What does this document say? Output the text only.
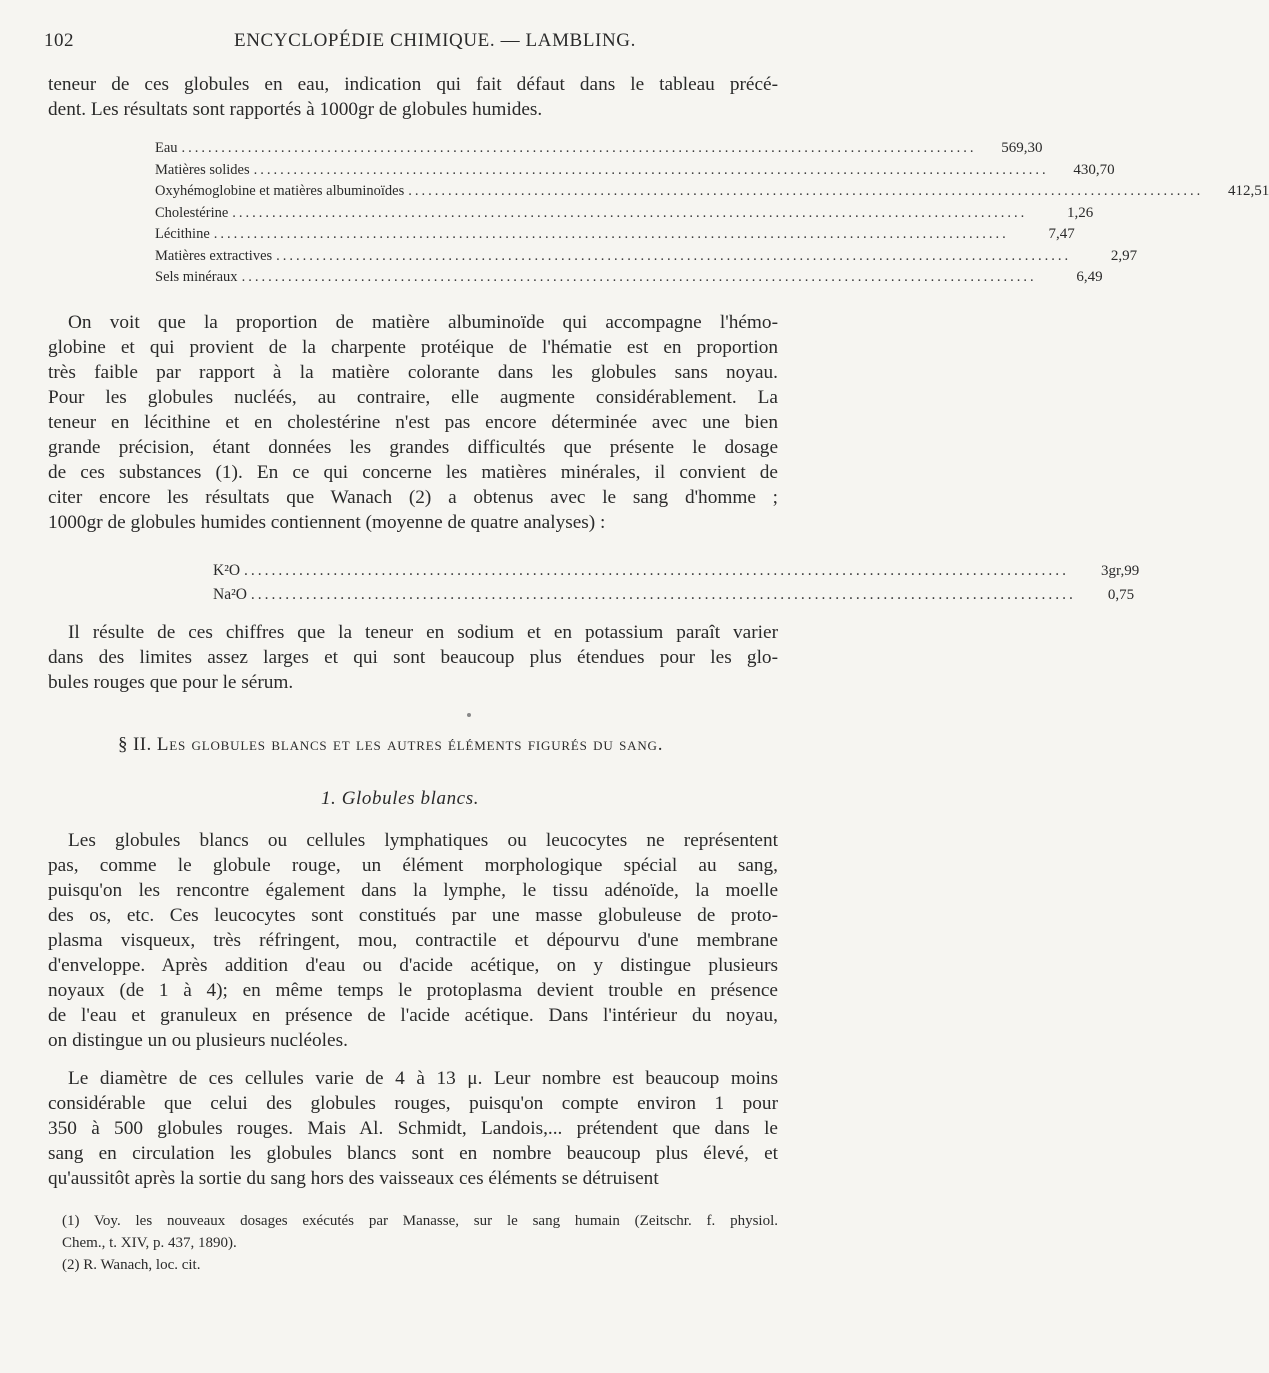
102	ENCYCLOPÉDIE CHIMIQUE. — LAMBLING.
teneur de ces globules en eau, indication qui fait défaut dans le tableau précé-
dent. Les résultats sont rapportés à 1000gr de globules humides.
Eau ........................................................................................................................	569,30
Matières solides ........................................................................................................................	430,70
Oxyhémoglobine et matières albuminoïdes ........................................................................................................................	412,51
Cholestérine ........................................................................................................................	1,26
Lécithine ........................................................................................................................	7,47
Matières extractives ........................................................................................................................	2,97
Sels minéraux ........................................................................................................................	6,49
On voit que la proportion de matière albuminoïde qui accompagne l'hémo-
globine et qui provient de la charpente protéique de l'hématie est en proportion
très faible par rapport à la matière colorante dans les globules sans noyau.
Pour les globules nucléés, au contraire, elle augmente considérablement. La
teneur en lécithine et en cholestérine n'est pas encore déterminée avec une bien
grande précision, étant données les grandes difficultés que présente le dosage
de ces substances (1). En ce qui concerne les matières minérales, il convient de
citer encore les résultats que Wanach (2) a obtenus avec le sang d'homme ;
1000gr de globules humides contiennent (moyenne de quatre analyses) :
K²O ........................................................................................................................	3gr,99
Na²O ........................................................................................................................	0,75
Il résulte de ces chiffres que la teneur en sodium et en potassium paraît varier
dans des limites assez larges et qui sont beaucoup plus étendues pour les glo-
bules rouges que pour le sérum.
§ II. Les globules blancs et les autres éléments figurés du sang.
1. Globules blancs.
Les globules blancs ou cellules lymphatiques ou leucocytes ne représentent
pas, comme le globule rouge, un élément morphologique spécial au sang,
puisqu'on les rencontre également dans la lymphe, le tissu adénoïde, la moelle
des os, etc. Ces leucocytes sont constitués par une masse globuleuse de proto-
plasma visqueux, très réfringent, mou, contractile et dépourvu d'une membrane
d'enveloppe. Après addition d'eau ou d'acide acétique, on y distingue plusieurs
noyaux (de 1 à 4); en même temps le protoplasma devient trouble en présence
de l'eau et granuleux en présence de l'acide acétique. Dans l'intérieur du noyau,
on distingue un ou plusieurs nucléoles.
Le diamètre de ces cellules varie de 4 à 13 μ. Leur nombre est beaucoup moins
considérable que celui des globules rouges, puisqu'on compte environ 1 pour
350 à 500 globules rouges. Mais Al. Schmidt, Landois,... prétendent que dans le
sang en circulation les globules blancs sont en nombre beaucoup plus élevé, et
qu'aussitôt après la sortie du sang hors des vaisseaux ces éléments se détruisent
(1) Voy. les nouveaux dosages exécutés par Manasse, sur le sang humain (Zeitschr. f. physiol.
Chem., t. XIV, p. 437, 1890).
(2) R. Wanach, loc. cit.
